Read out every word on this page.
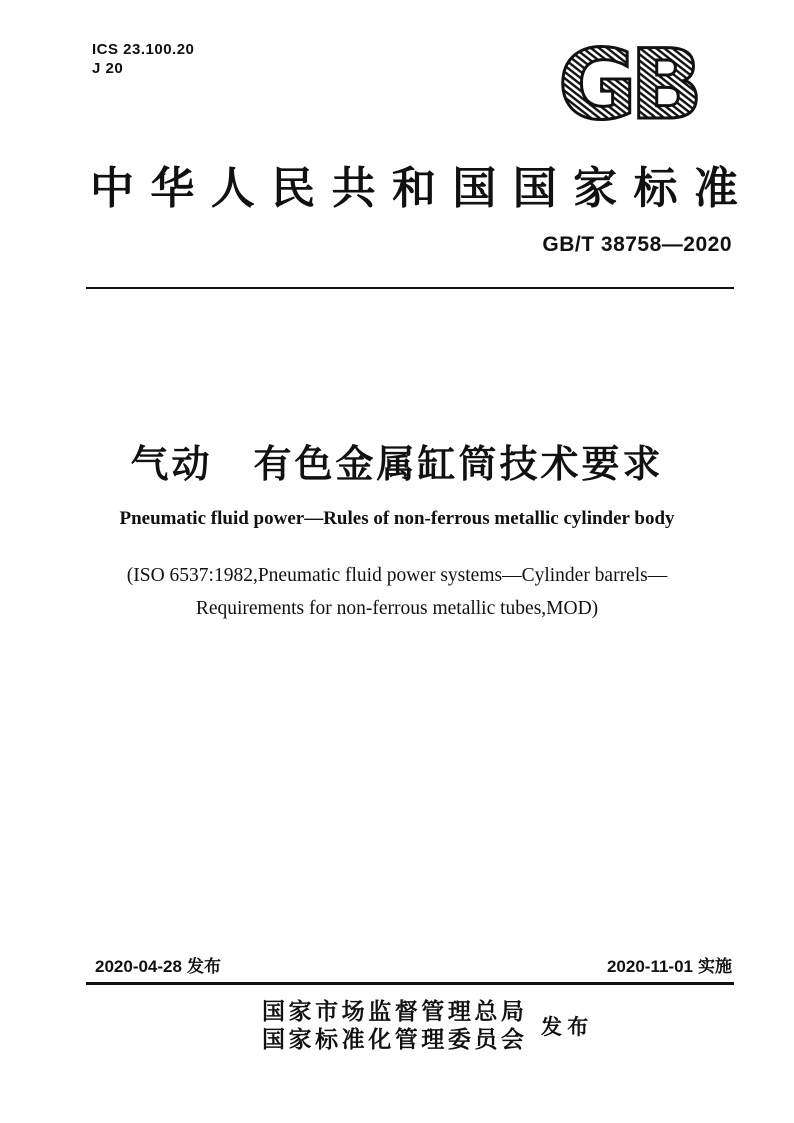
ICS 23.100.20
J 20	GB
中 华 人 民 共 和 国 国 家 标 准
GB/T 38758—2020
气动　有色金属缸筒技术要求
Pneumatic fluid power—Rules of non-ferrous metallic cylinder body
(ISO 6537:1982,Pneumatic fluid power systems—Cylinder barrels—
Requirements for non-ferrous metallic tubes,MOD)
2020-04-28 发布	2020-11-01 实施
国 家 市 场 监 督 管 理 总 局
国 家 标 准 化 管 理 委 员 会 发 布
